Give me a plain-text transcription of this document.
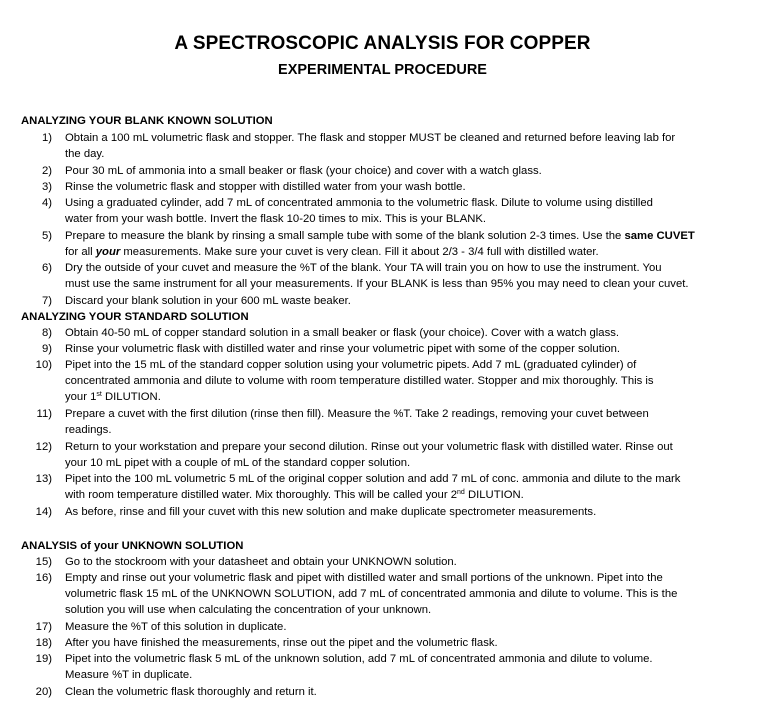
A SPECTROSCOPIC ANALYSIS FOR COPPER
EXPERIMENTAL PROCEDURE
ANALYZING YOUR BLANK KNOWN SOLUTION
1) Obtain a 100 mL volumetric flask and stopper. The flask and stopper MUST be cleaned and returned before leaving lab for
the day.
2) Pour 30 mL of ammonia into a small beaker or flask (your choice) and cover with a watch glass.
3) Rinse the volumetric flask and stopper with distilled water from your wash bottle.
4) Using a graduated cylinder, add 7 mL of concentrated ammonia to the volumetric flask. Dilute to volume using distilled
water from your wash bottle. Invert the flask 10-20 times to mix. This is your BLANK.
5) Prepare to measure the blank by rinsing a small sample tube with some of the blank solution 2-3 times. Use the same CUVET
for all your measurements. Make sure your cuvet is very clean. Fill it about 2/3 - 3/4 full with distilled water.
6) Dry the outside of your cuvet and measure the %T of the blank. Your TA will train you on how to use the instrument. You
must use the same instrument for all your measurements. If your BLANK is less than 95% you may need to clean your cuvet.
7) Discard your blank solution in your 600 mL waste beaker.
ANALYZING YOUR STANDARD SOLUTION
8) Obtain 40-50 mL of copper standard solution in a small beaker or flask (your choice). Cover with a watch glass.
9) Rinse your volumetric flask with distilled water and rinse your volumetric pipet with some of the copper solution.
10) Pipet into the 15 mL of the standard copper solution using your volumetric pipets. Add 7 mL (graduated cylinder) of
concentrated ammonia and dilute to volume with room temperature distilled water. Stopper and mix thoroughly. This is
your 1st DILUTION.
11) Prepare a cuvet with the first dilution (rinse then fill). Measure the %T. Take 2 readings, removing your cuvet between
readings.
12) Return to your workstation and prepare your second dilution. Rinse out your volumetric flask with distilled water. Rinse out
your 10 mL pipet with a couple of mL of the standard copper solution.
13) Pipet into the 100 mL volumetric 5 mL of the original copper solution and add 7 mL of conc. ammonia and dilute to the mark
with room temperature distilled water. Mix thoroughly. This will be called your 2nd DILUTION.
14) As before, rinse and fill your cuvet with this new solution and make duplicate spectrometer measurements.
ANALYSIS of your UNKNOWN SOLUTION
15) Go to the stockroom with your datasheet and obtain your UNKNOWN solution.
16) Empty and rinse out your volumetric flask and pipet with distilled water and small portions of the unknown. Pipet into the
volumetric flask 15 mL of the UNKNOWN SOLUTION, add 7 mL of concentrated ammonia and dilute to volume. This is the
solution you will use when calculating the concentration of your unknown.
17) Measure the %T of this solution in duplicate.
18) After you have finished the measurements, rinse out the pipet and the volumetric flask.
19) Pipet into the volumetric flask 5 mL of the unknown solution, add 7 mL of concentrated ammonia and dilute to volume.
Measure %T in duplicate.
20) Clean the volumetric flask thoroughly and return it.
